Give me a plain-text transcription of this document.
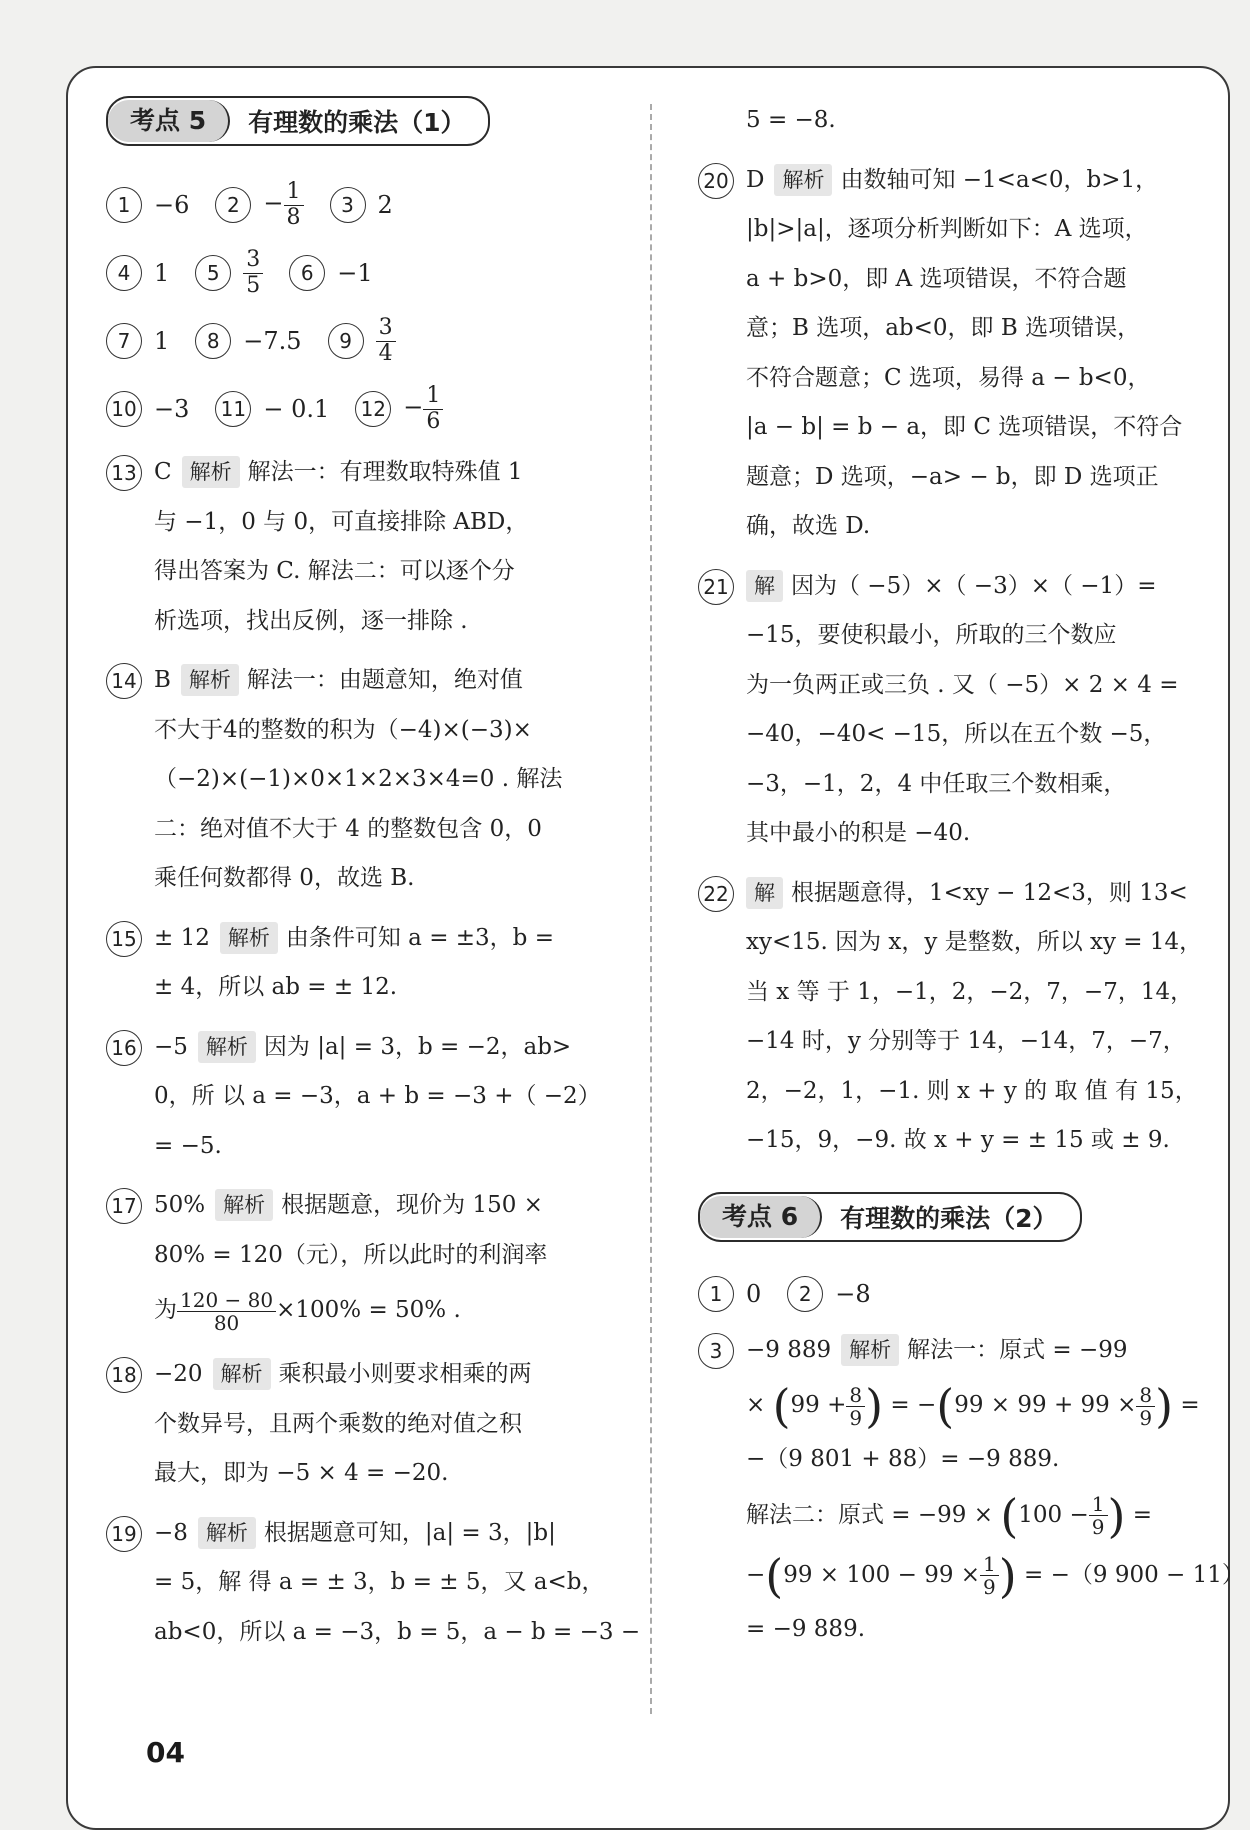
考点 5	有理数的乘法（1）
1 −6	$2 - \frac{1}{8}$	3 2
4 1	5	$\frac{3}{5}$	6 −1
7 1	8 −7.5	9	$\frac{3}{4}$
10 −3 11 − 0.1 $12 - \frac{1}{6}$
13 C 解析 解法一：有理数取特殊值 1
与 −1，0 与 0，可直接排除 ABD，
得出答案为 C. 解法二：可以逐个分
析选项，找出反例，逐一排除 .
14 B 解析 解法一：由题意知，绝对值
不大于4的整数的积为（−4)×(−3)×
（−2)×(−1)×0×1×2×3×4=0 . 解法
二：绝对值不大于 4 的整数包含 0，0
乘任何数都得 0，故选 B.
15 ± 12 解析 由条件可知 a = ±3，b =
± 4，所以 ab = ± 12.
16 −5 解析 因为 |a| = 3，b = −2，ab>
0，所 以 a = −3，a + b = −3 +（ −2）
= −5.
17 50% 解析 根据题意，现价为 150 ×
80% = 120（元），所以此时的利润率
为 $\frac{120 - 80}{80} \times 100\% = 50\%$ .
18 −20 解析 乘积最小则要求相乘的两
个数异号，且两个乘数的绝对值之积
最大，即为 −5 × 4 = −20.
19 −8 解析 根据题意可知，|a| = 3，|b|
= 5，解 得 a = ± 3，b = ± 5，又 a<b，
ab<0，所以 a = −3，b = 5，a − b = −3 −
5 = −8.
20 D 解析 由数轴可知 −1<a<0，b>1，
|b|>|a|，逐项分析判断如下：A 选项，
a + b>0，即 A 选项错误，不符合题
意；B 选项，ab<0，即 B 选项错误，
不符合题意；C 选项，易得 a − b<0，
|a − b| = b − a，即 C 选项错误，不符合
题意；D 选项，−a> − b，即 D 选项正
确，故选 D.
21	解 因为（ −5）×（ −3）×（ −1）=
−15，要使积最小，所取的三个数应
为一负两正或三负 . 又（ −5）× 2 × 4 =
−40，−40< −15，所以在五个数 −5，
−3，−1，2，4 中任取三个数相乘，
其中最小的积是 −40.
22	解 根据题意得，1<xy − 12<3，则 13<
xy<15. 因为 x，y 是整数，所以 xy = 14，
当 x 等 于 1，−1，2，−2，7，−7，14，
−14 时，y 分别等于 14，−14，7，−7，
2，−2，1，−1. 则 x + y 的 取 值 有 15，
−15，9，−9. 故 x + y = ± 15 或 ± 9.
考点 6	有理数的乘法（2）
1 0	2 −8
3	−9 889 解析 解法一：原式 = −99
× ($99 + \frac{8}{9}$ ) = $-(99 \times 99 + 99 \times \frac{8}{9}$ ) =
−（9 801 + 88）= −9 889.
解法二：原式 = $-99 \times (100 - \frac{1}{9}$ ) =
$-(99 \times 100 - 99 \times \frac{1}{9}$ ) = −（9 900 − 11）
= −9 889.
04
